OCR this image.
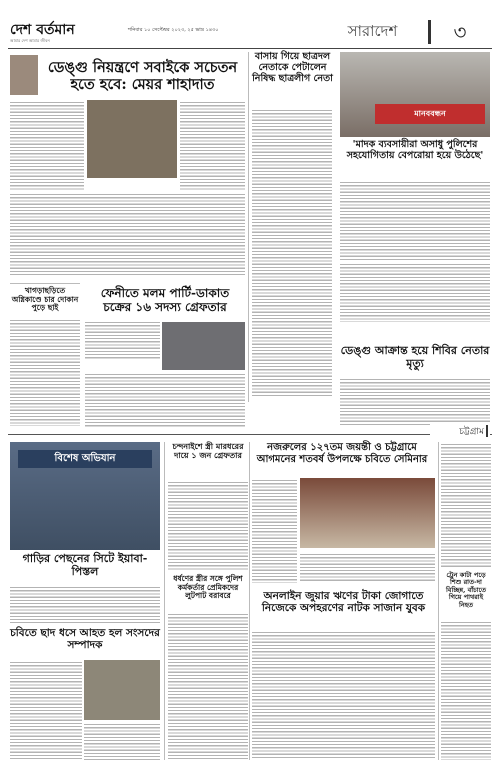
দেশ বর্তমান
আমার দেশ আমার জীবন
শনিবার ১০ সেপ্টেম্বর ২০২৩, ২৫ ভাদ্র ১৪৩০	সারাদেশ	৩
ডেঙ্গু নিয়ন্ত্রণে সবাইকে সচেতন হতে হবে: মেয়র শাহাদাত
বাসায় গিয়ে ছাত্রদল নেতাকে পেটালেন নিষিদ্ধ ছাত্রলীগ নেতা
মানববন্ধন
'মাদক ব্যবসায়ীরা অসাধু পুলিশের সহযোগিতায় বেপরোয়া হয়ে উঠেছে'
খাগড়াছড়িতে অগ্নিকাণ্ডে চার দোকান পুড়ে ছাই
ফেনীতে মলম পার্টি-ডাকাত চক্রের ১৬ সদস্য গ্রেফতার
ডেঙ্গু আক্রান্ত হয়ে শিবির নেতার মৃত্যু
চট্টগ্রাম
বিশেষ অভিযান
গাড়ির পেছনের সিটে ইয়াবা-পিস্তল
চবিতে ছাদ ধসে আহত হল সংসদের সম্পাদক
চন্দনাইশে স্ত্রী মারধরের দায়ে ১ জন গ্রেফতার
ধর্ষণের স্ত্রীর সঙ্গে পুলিশ কর্মকর্তার প্রেমিকদের লুটপাট বরাবরে
নজরুলের ১২৭তম জয়ন্তী ও চট্টগ্রামে আগমনের শতবর্ষ উপলক্ষে চবিতে সেমিনার
অনলাইন জুয়ার ঋণের টাকা জোগাতে নিজেকে অপহরণের নাটক সাজান যুবক
ট্রেন কাটা পড়ে শিশু রাত-দা বিচ্ছিন্ন, বাঁচাতে গিয়ে পাথরাই নিহত
